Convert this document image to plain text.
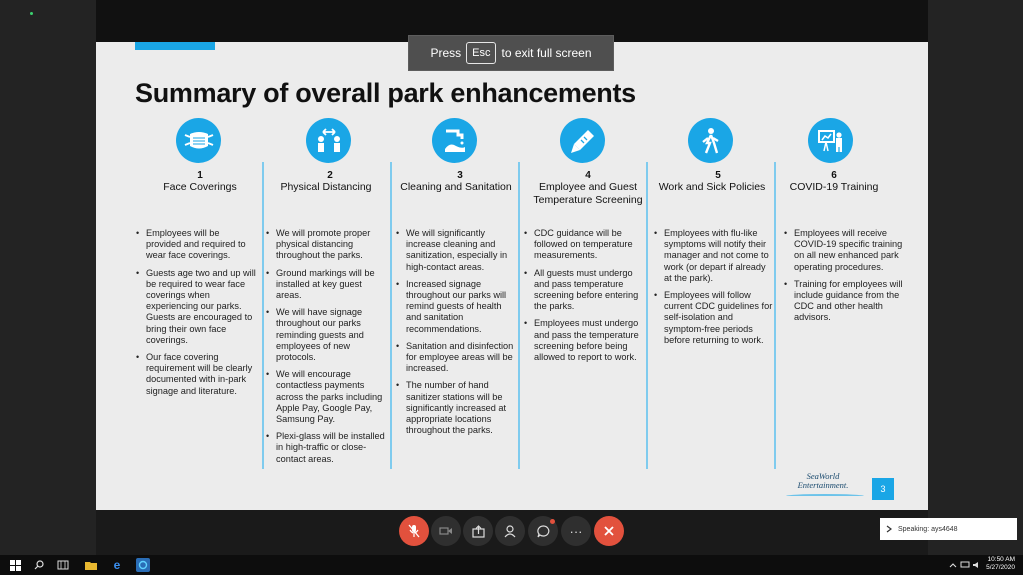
Summary of overall park enhancements
1
Face Coverings
• Employees will be provided and required to wear face coverings.
• Guests age two and up will be required to wear face coverings when experiencing our parks. Guests are encouraged to bring their own face coverings.
• Our face covering requirement will be clearly documented with in-park signage and literature.
2
Physical Distancing
• We will promote proper physical distancing throughout the parks.
• Ground markings will be installed at key guest areas.
• We will have signage throughout our parks reminding guests and employees of new protocols.
• We will encourage contactless payments across the parks including Apple Pay, Google Pay, Samsung Pay.
• Plexi-glass will be installed in high-traffic or close-contact areas.
3
Cleaning and Sanitation
• We will significantly increase cleaning and sanitization, especially in high-contact areas.
• Increased signage throughout our parks will remind guests of health and sanitation recommendations.
• Sanitation and disinfection for employee areas will be increased.
• The number of hand sanitizer stations will be significantly increased at appropriate locations throughout the parks.
4
Employee and Guest Temperature Screening
• CDC guidance will be followed on temperature measurements.
• All guests must undergo and pass temperature screening before entering the parks.
• Employees must undergo and pass the temperature screening before being allowed to report to work.
5
Work and Sick Policies
• Employees with flu-like symptoms will notify their manager and not come to work (or depart if already at the park).
• Employees will follow current CDC guidelines for self-isolation and symptom-free periods before returning to work.
6
COVID-19 Training
• Employees will receive COVID-19 specific training on all new enhanced park operating procedures.
• Training for employees will include guidance from the CDC and other health advisors.
SeaWorld
Entertainment.	3
Press	Esc to exit full screen
···	Speaking: ays4648
e	10:50 AM
5/27/2020
